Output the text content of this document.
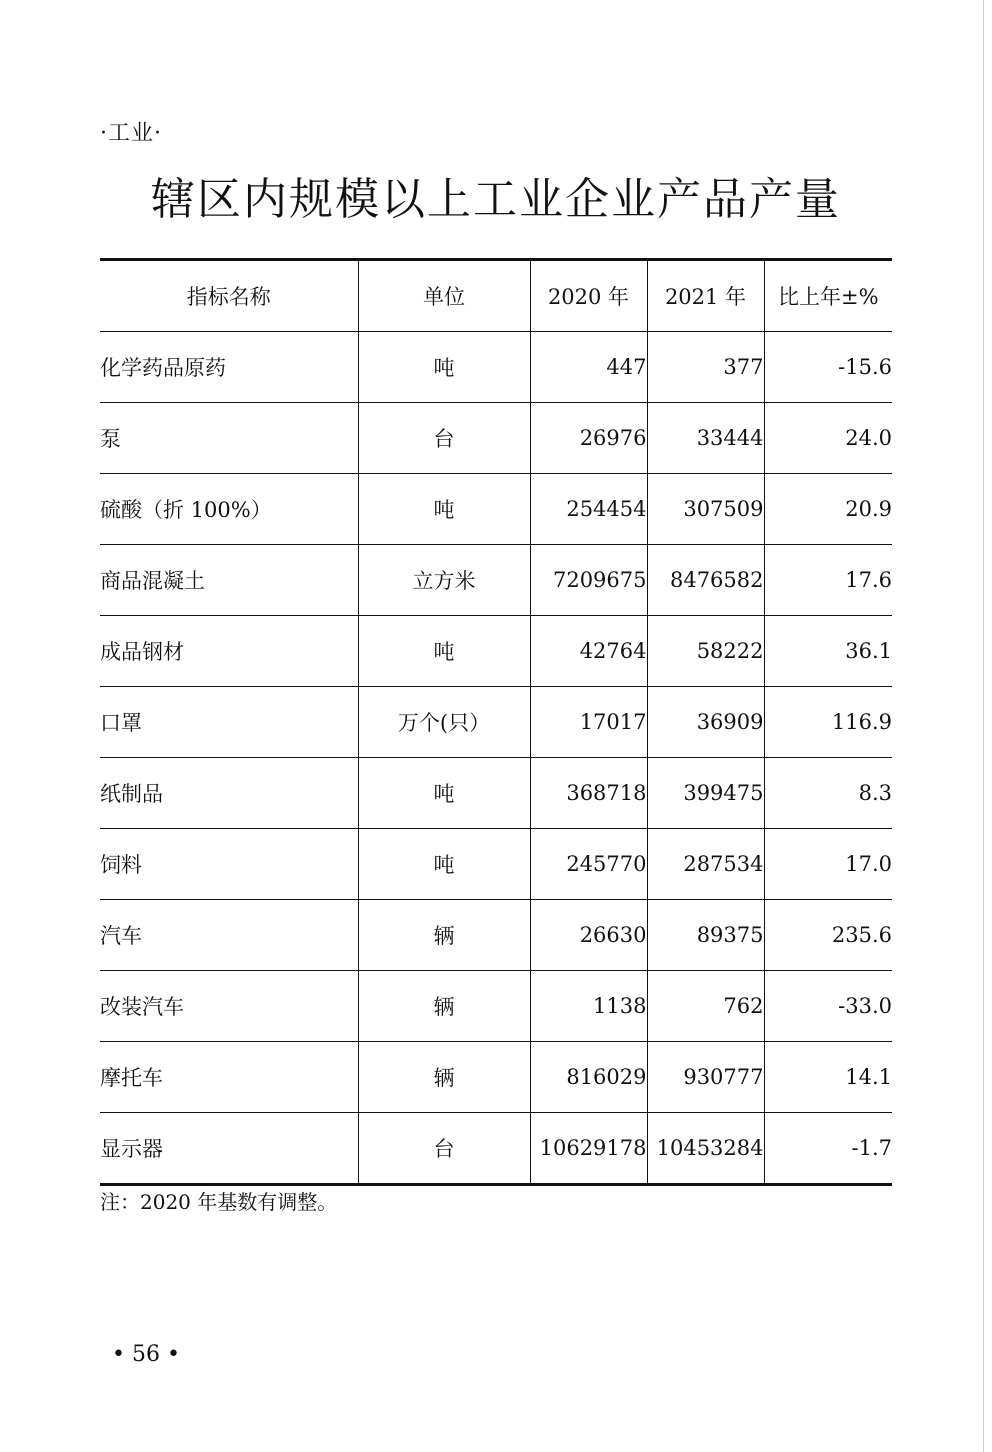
·工业·
辖区内规模以上工业企业产品产量
指标名称	单位	2020 年	2021 年	比上年±%
化学药品原药	吨	447	377	-15.6
泵	台	26976	33444	24.0
硫酸（折 100%）	吨	254454	307509	20.9
商品混凝土	立方米	7209675	8476582	17.6
成品钢材	吨	42764	58222	36.1
口罩	万个(只）	17017	36909	116.9
纸制品	吨	368718	399475	8.3
饲料	吨	245770	287534	17.0
汽车	辆	26630	89375	235.6
改装汽车	辆	1138	762	-33.0
摩托车	辆	816029	930777	14.1
显示器	台	10629178	10453284	-1.7
注：2020 年基数有调整。
• 56 •
